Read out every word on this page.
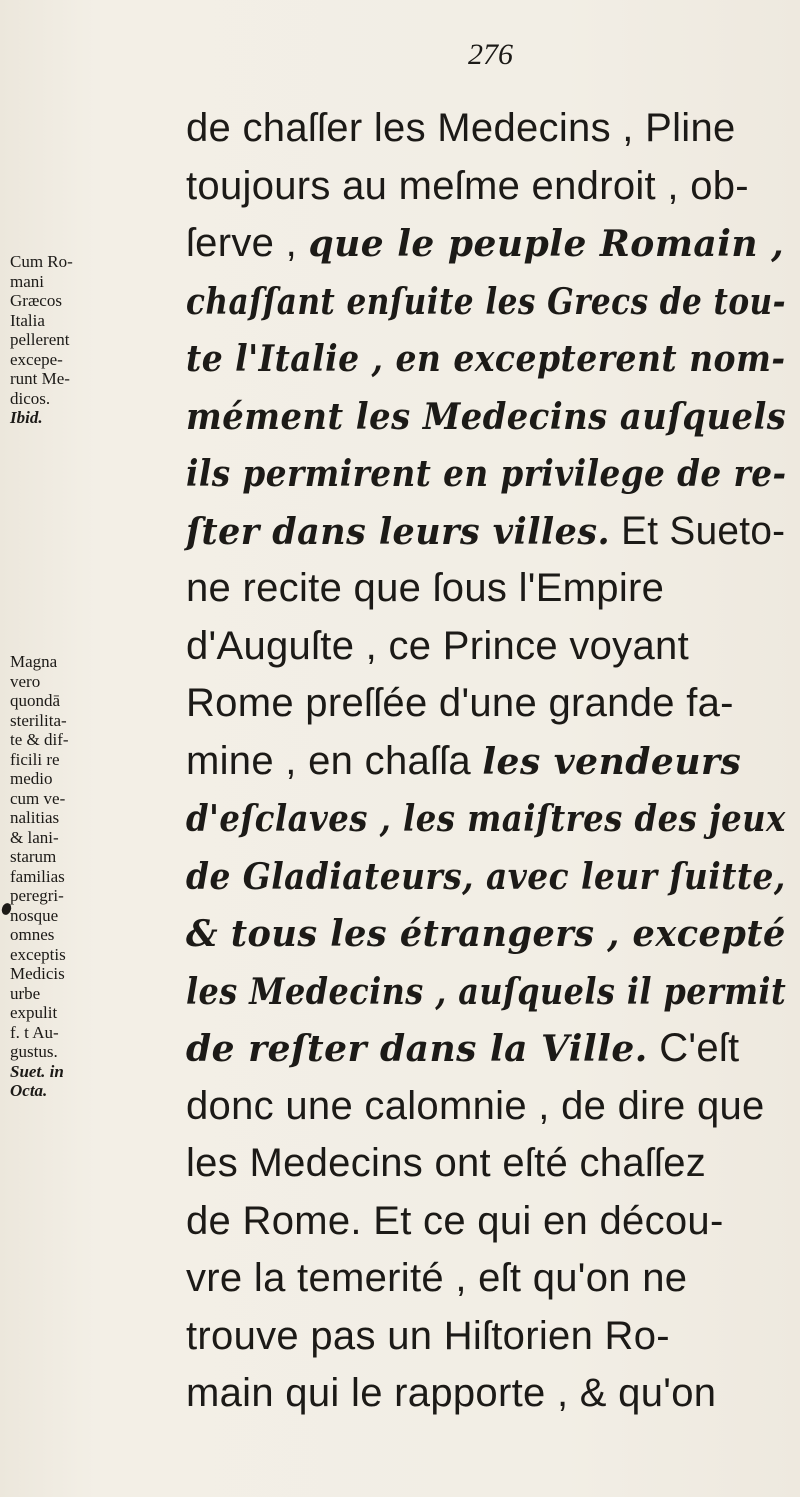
276
Cum Ro-
mani
Græcos
Italia
pellerent
excepe-
runt Me-
dicos.
Ibid.
Magna
vero
quondā
sterilita-
te & dif-
ficili re
medio
cum ve-
nalitias
& lani-
starum
familias
peregri-
nosque
omnes
exceptis
Medicis
urbe
expulit
f. t Au-
gustus.
Suet. in
Octa.
de chaſſer les Medecins , Pline
toujours au meſme endroit , ob-
ſerve , que le peuple Romain ,
chaſſant enſuite les Grecs de tou-
te l'Italie , en excepterent nom-
mément les Medecins auſquels
ils permirent en privilege de re-
ſter dans leurs villes. Et Sueto-
ne recite que ſous l'Empire
d'Auguſte , ce Prince voyant
Rome preſſée d'une grande fa-
mine , en chaſſa les vendeurs
d'eſclaves , les maiſtres des jeux
de Gladiateurs, avec leur ſuitte,
& tous les étrangers , excepté
les Medecins , auſquels il permit
de reſter dans la Ville. C'eſt
donc une calomnie , de dire que
les Medecins ont eſté chaſſez
de Rome. Et ce qui en décou-
vre la temerité , eſt qu'on ne
trouve pas un Hiſtorien Ro-
main qui le rapporte , & qu'on
